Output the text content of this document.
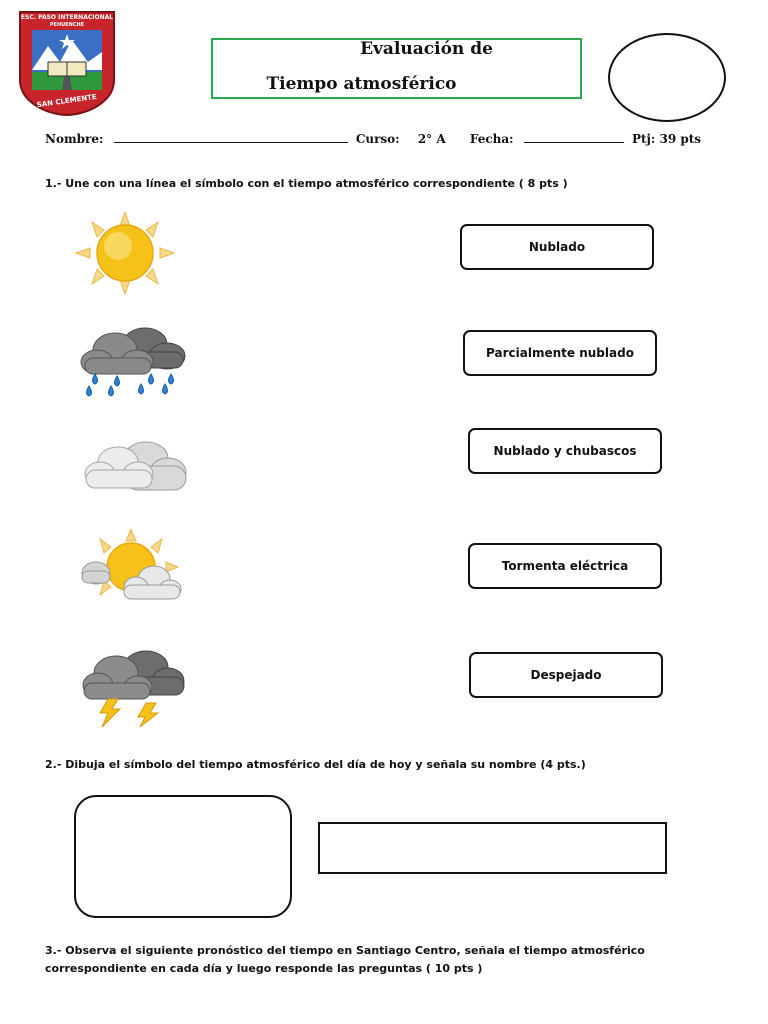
ESC. PASO INTERNACIONAL
PEHUENCHE
SAN CLEMENTE
Evaluación de
Tiempo atmosférico
Nombre:	Curso: 2° A Fecha:	Ptj: 39 pts
1.- Une con una línea el símbolo con el tiempo atmosférico correspondiente ( 8 pts )
Nublado
Parcialmente nublado
Nublado y chubascos
Tormenta eléctrica
Despejado
2.- Dibuja el símbolo del tiempo atmosférico del día de hoy y señala su nombre (4 pts.)
3.- Observa el siguiente pronóstico del tiempo en Santiago Centro, señala el tiempo atmosférico
correspondiente en cada día y luego responde las preguntas ( 10 pts )
